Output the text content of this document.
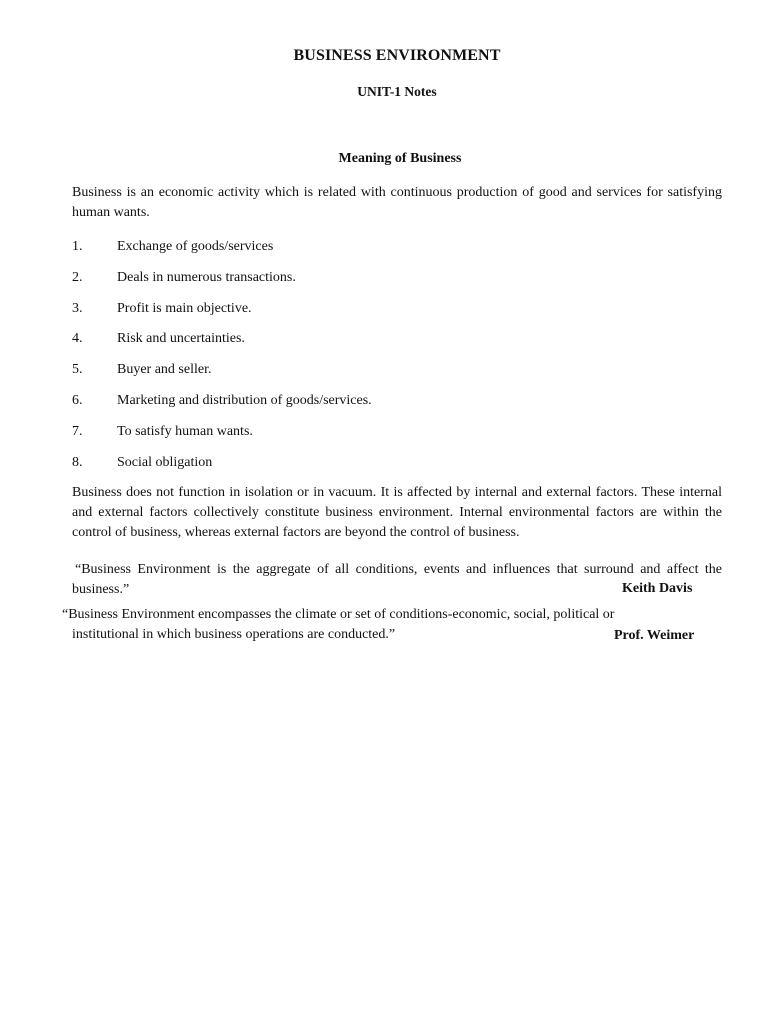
BUSINESS ENVIRONMENT
UNIT-1 Notes
Meaning of Business
Business is an economic activity which is related with continuous production of good and services for satisfying human wants.
1.	Exchange of goods/services
2.	Deals in numerous transactions.
3.	Profit is main objective.
4.	Risk and uncertainties.
5.	Buyer and seller.
6.	Marketing and distribution of goods/services.
7.	To satisfy human wants.
8.	Social obligation
Business does not function in isolation or in vacuum. It is affected by internal and external factors. These internal and external factors collectively constitute business environment. Internal environmental factors are within the control of business, whereas external factors are beyond the control of business.
“Business Environment is the aggregate of all conditions, events and influences that surround and affect the business.”	Keith Davis
“Business Environment encompasses the climate or set of conditions-economic, social, political or
institutional in which business operations are conducted.”	Prof. Weimer
